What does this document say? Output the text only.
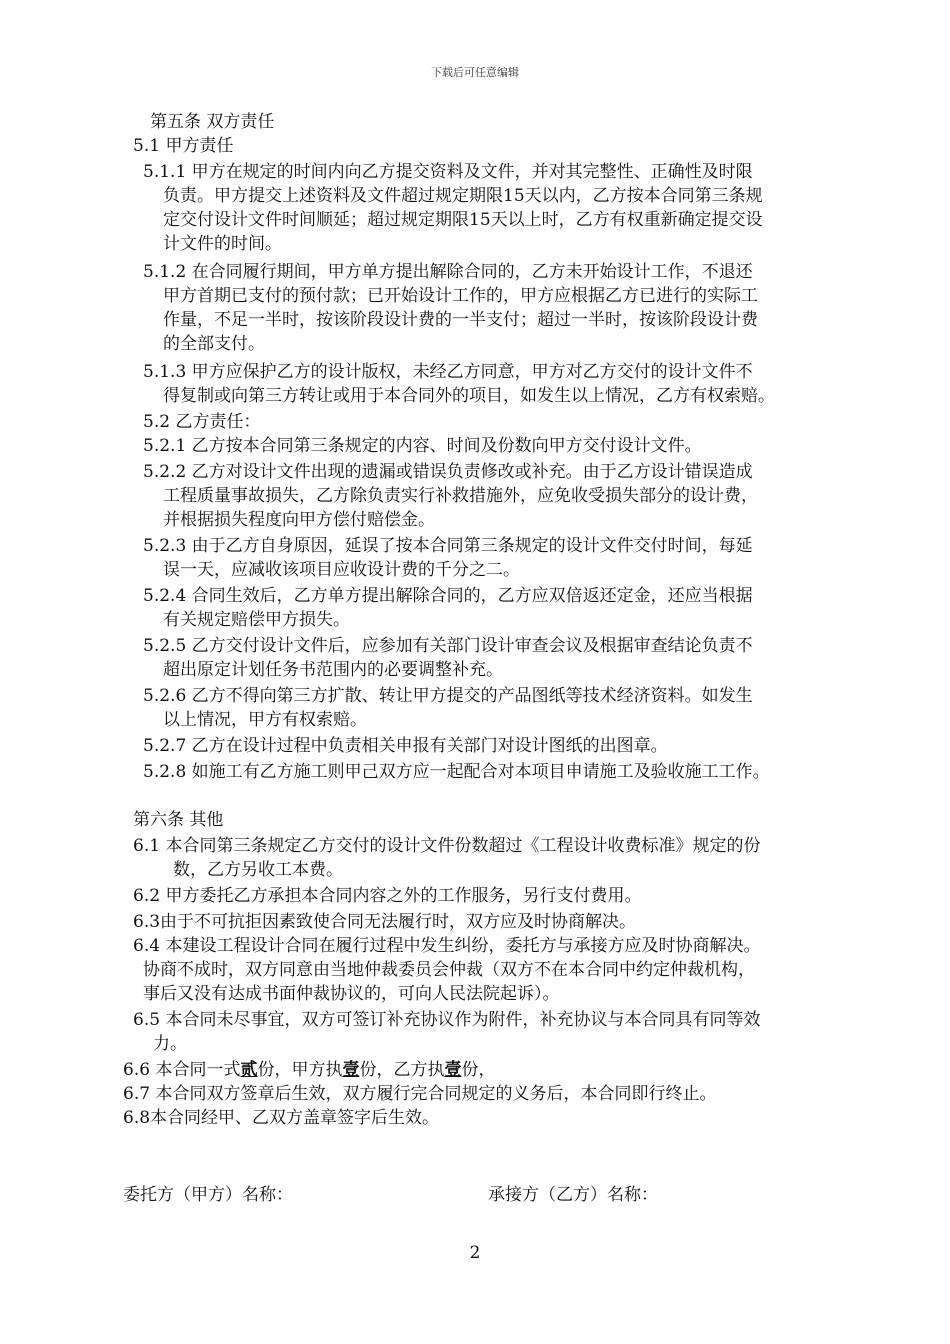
下载后可任意编辑

第五条 双方责任

5.1 甲方责任

5.1.1 甲方在规定的时间内向乙方提交资料及文件，并对其完整性、正确性及时限

负责。甲方提交上述资料及文件超过规定期限15天以内，乙方按本合同第三条规

定交付设计文件时间顺延；超过规定期限15天以上时，乙方有权重新确定提交设

计文件的时间。

5.1.2 在合同履行期间，甲方单方提出解除合同的，乙方未开始设计工作，不退还

甲方首期已支付的预付款；已开始设计工作的，甲方应根据乙方已进行的实际工

作量，不足一半时，按该阶段设计费的一半支付；超过一半时，按该阶段设计费

的全部支付。

5.1.3 甲方应保护乙方的设计版权，未经乙方同意，甲方对乙方交付的设计文件不

得复制或向第三方转让或用于本合同外的项目，如发生以上情况，乙方有权索赔。

5.2 乙方责任：

5.2.1 乙方按本合同第三条规定的内容、时间及份数向甲方交付设计文件。

5.2.2 乙方对设计文件出现的遗漏或错误负责修改或补充。由于乙方设计错误造成

工程质量事故损失，乙方除负责实行补救措施外，应免收受损失部分的设计费，

并根据损失程度向甲方偿付赔偿金。

5.2.3 由于乙方自身原因，延误了按本合同第三条规定的设计文件交付时间，每延

误一天，应减收该项目应收设计费的千分之二。

5.2.4 合同生效后，乙方单方提出解除合同的，乙方应双倍返还定金，还应当根据

有关规定赔偿甲方损失。

5.2.5 乙方交付设计文件后，应参加有关部门设计审查会议及根据审查结论负责不

超出原定计划任务书范围内的必要调整补充。

5.2.6 乙方不得向第三方扩散、转让甲方提交的产品图纸等技术经济资料。如发生

以上情况，甲方有权索赔。

5.2.7 乙方在设计过程中负责相关申报有关部门对设计图纸的出图章。

5.2.8 如施工有乙方施工则甲己双方应一起配合对本项目申请施工及验收施工工作。

第六条 其他

6.1 本合同第三条规定乙方交付的设计文件份数超过《工程设计收费标准》规定的份

数，乙方另收工本费。

6.2 甲方委托乙方承担本合同内容之外的工作服务，另行支付费用。

6.3由于不可抗拒因素致使合同无法履行时，双方应及时协商解决。

6.4 本建设工程设计合同在履行过程中发生纠纷，委托方与承接方应及时协商解决。

协商不成时，双方同意由当地仲裁委员会仲裁（双方不在本合同中约定仲裁机构，

事后又没有达成书面仲裁协议的，可向人民法院起诉）。

6.5 本合同未尽事宜，双方可签订补充协议作为附件，补充协议与本合同具有同等效

力。

6.6 本合同一式贰份，甲方执壹份，乙方执壹份，

6.7 本合同双方签章后生效，双方履行完合同规定的义务后，本合同即行终止。

6.8本合同经甲、乙双方盖章签字后生效。

委托方（甲方）名称：	承接方（乙方）名称：
2
